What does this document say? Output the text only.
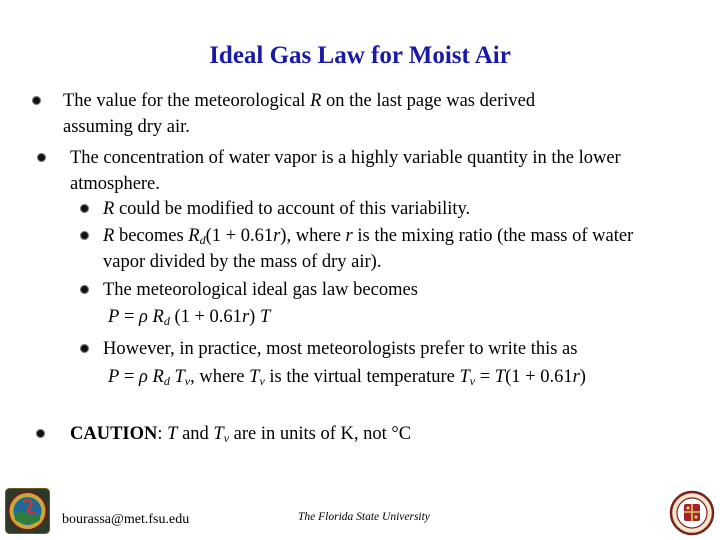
Ideal Gas Law for Moist Air
The value for the meteorological R on the last page was derived
assuming dry air.
The concentration of water vapor is a highly variable quantity in the lower
atmosphere.
R could be modified to account of this variability.
R becomes $R_d(1 + 0.61r)$, where r is the mixing ratio (the mass of water
vapor divided by the mass of dry air).
The meteorological ideal gas law becomes
P = ρ $R_d$ (1 + 0.61r) T
However, in practice, most meteorologists prefer to write this as
P = ρ $R_d$ $T_v$, where $T_v$ is the virtual temperature $T_v = T(1 + 0.61r)$
CAUTION: T and $T_v$ are in units of K, not °C
bourassa@met.fsu.edu	The Florida State University
